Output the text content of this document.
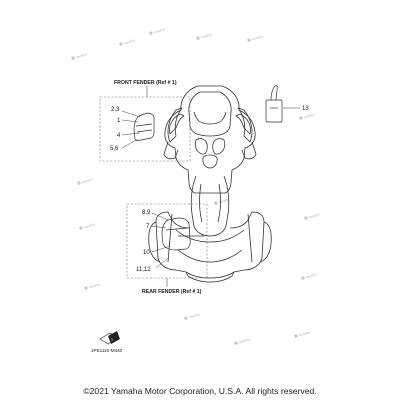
Yamaha
Yamaha	Yamaha
Yamaha
Yamaha
Yamaha
Yamaha
Yamaha
Yamaha
Yamaha
Yamaha
Yamaha
Yamaha
Yamaha
Yamaha
2
FRONT FENDER (Ref # 1)
REAR FENDER (Ref # 1)
2,3
1
4
5,6
8,9
7
10
11,12
13
1PE1110-M440
©2021 Yamaha Motor Corporation, U.S.A. All rights reserved.
